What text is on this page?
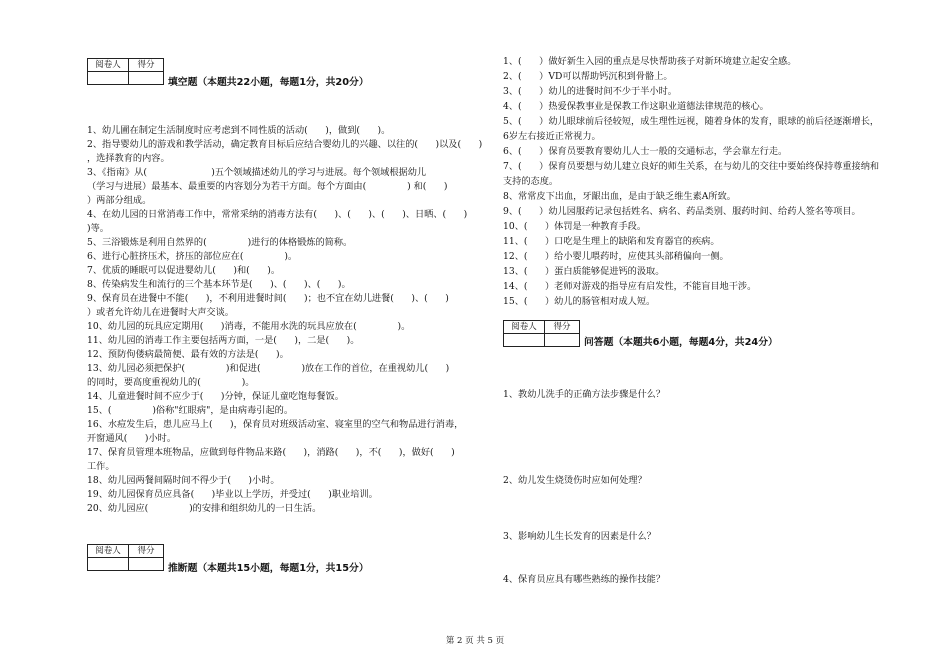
阅卷人	得分

填空题（本题共22小题，每题1分，共20分）
1、幼儿圃在制定生活制度时应考虑到不同性质的活动(      )，做到(      )。
2、指导婴幼儿的游戏和教学活动，确定教育目标后应结合婴幼儿的兴趣、以往的(      )以及(      )
，选择教育的内容。
3、《指南》从(                      )五个领域描述幼儿的学习与进展。每个领域根据幼儿
（学习与进展）最基本、最重要的内容划分为若干方面。每个方面由(              ) 和(      )
）两部分组成。
4、在幼儿园的日常消毒工作中，常常采纳的消毒方法有(      )、(      )、(      )、日晒、(      )
)等。
5、三浴锻炼是利用自然界的(              )进行的体格锻炼的简称。
6、进行心脏挤压术，挤压的部位应在(              )。
7、优质的睡眠可以促进婴幼儿(      )和(      )。
8、传染病发生和流行的三个基本环节是(      )、(      )、(      )。
9、保育员在进餐中不能(      )，不利用进餐时间(      )；也不宜在幼儿进餐(      )、(      )
）或者允许幼儿在进餐时大声交谈。
10、幼儿园的玩具应定期用(      )消毒，不能用水洗的玩具应放在(              )。
11、幼儿园的消毒工作主要包括两方面，一是(      )，二是(      )。
12、预防佝偻病最简便、最有效的方法是(      )。
13、幼儿园必须把保护(              )和促进(              )放在工作的首位，在重视幼儿(      )
的同时，要高度重视幼儿的(              )。
14、儿童进餐时间不应少于(      )分钟，保证儿童吃饱每餐饭。
15、(              )俗称"红眼病"，是由病毒引起的。
16、水痘发生后，患儿应马上(      )，保育员对班级活动室、寝室里的空气和物品进行消毒，
开窗通风(      )小时。
17、保育员管理本班物品，应做到每件物品来路(      )，消路(      )，不(      )，做好(      )
工作。
18、幼儿园两餐间隔时间不得少于(      )小时。
19、幼儿园保育员应具备(      )毕业以上学历，并受过(      )职业培训。
20、幼儿园应(              )的安排和组织幼儿的一日生活。
阅卷人	得分

推断题（本题共15小题，每题1分，共15分）
1、(      ）做好新生入园的重点是尽快帮助孩子对新环境建立起安全感。
2、(      ）VD可以帮助钙沉积到骨骼上。
3、(      ）幼儿的进餐时间不少于半小时。
4、(      ）热爱保教事业是保教工作这职业道德法律规范的核心。
5、(      ）幼儿眼球前后径较短，成生理性远视，随着身体的发育，眼球的前后径逐渐增长，
6岁左右接近正常视力。
6、(      ）保育员要教育婴幼儿人士一般的交通标志，学会靠左行走。
7、(      ）保育员要想与幼儿建立良好的师生关系，在与幼儿的交往中要始终保持尊重接纳和
支持的态度。
8、常常皮下出血，牙龈出血，是由于缺乏维生素A所致。
9、(      ）幼儿园服药记录包括姓名、病名、药品类别、服药时间、给药人签名等项目。
10、(      ）体罚是一种教育手段。
11、(      ）口吃是生理上的缺陷和发育器官的疾病。
12、(      ）给小婴儿喂药时，应使其头部稍偏向一侧。
13、(      ）蛋白质能够促进钙的汲取。
14、(      ）老师对游戏的指导应有启发性，不能盲目地干涉。
15、(      ）幼儿的肠管相对成人短。
阅卷人	得分

问答题（本题共6小题，每题4分，共24分）
1、教幼儿洗手的正确方法步骤是什么？
2、幼儿发生烧烫伤时应如何处理？
3、影响幼儿生长发育的因素是什么？
4、保育员应具有哪些熟练的操作技能？
第 2 页 共 5 页
